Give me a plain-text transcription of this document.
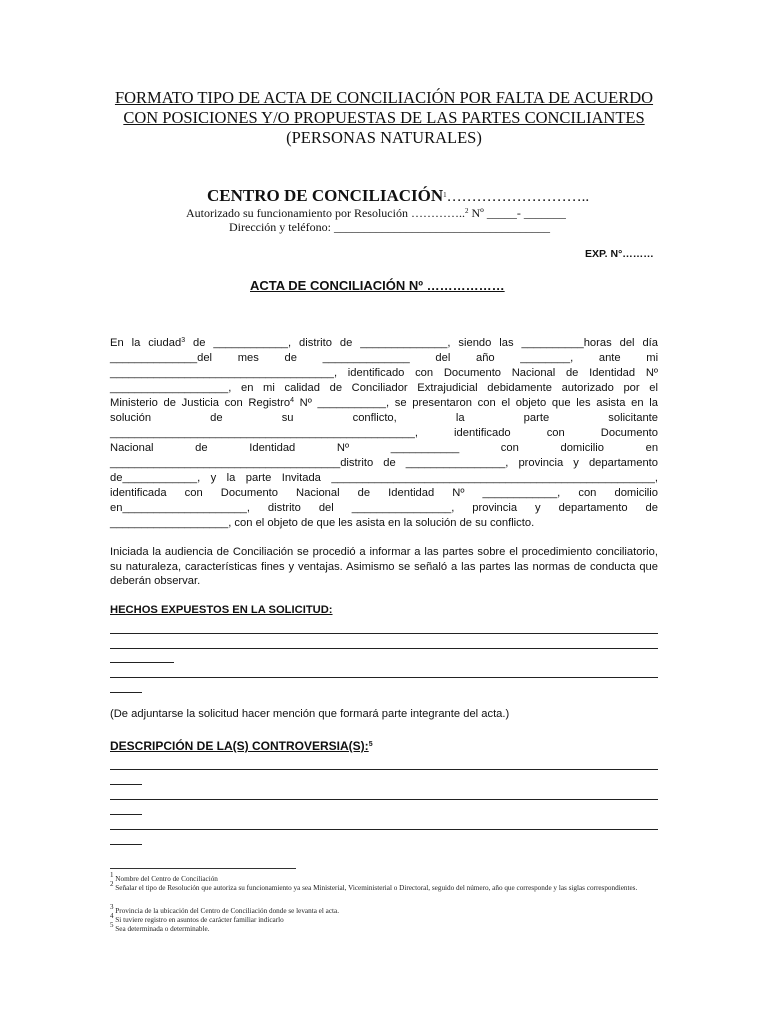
FORMATO TIPO DE ACTA DE CONCILIACIÓN POR FALTA DE ACUERDO
CON POSICIONES Y/O PROPUESTAS DE LAS PARTES CONCILIANTES
(PERSONAS NATURALES)
CENTRO DE CONCILIACIÓN$^1$………………………..
Autorizado su funcionamiento por Resolución …………..$^2$ Nº _____- _______
Dirección y teléfono: ____________________________________
EXP. N°………
ACTA DE CONCILIACIÓN Nº ………………
En la ciudad$^3$ de ____________, distrito de ______________, siendo las __________horas del día
______________del mes de ______________ del año ________, ante mi
____________________________________, identificado con Documento Nacional de Identidad Nº
___________________, en mi calidad de Conciliador Extrajudicial debidamente autorizado por el
Ministerio de Justicia con Registro$^4$ Nº ___________, se presentaron con el objeto que les asista en la
solución	de	su	conflicto,	la	parte	solicitante
_________________________________________________, identificado con Documento
Nacional	de	Identidad	Nº	___________	con	domicilio	en
_____________________________________distrito de ________________, provincia y departamento
de____________, y la parte Invitada ____________________________________________________,
identificada con Documento Nacional de Identidad Nº ____________, con domicilio
en____________________, distrito del ________________, provincia y departamento de
___________________, con el objeto de que les asista en la solución de su conflicto.
Iniciada la audiencia de Conciliación se procedió a informar a las partes sobre el procedimiento conciliatorio, su naturaleza, características fines y ventajas. Asimismo se señaló a las partes las normas de conducta que deberán observar.
HECHOS EXPUESTOS EN LA SOLICITUD:
(De adjuntarse la solicitud hacer mención que formará parte integrante del acta.)
DESCRIPCIÓN DE LA(S) CONTROVERSIA(S):$^5$
$^1$ Nombre del Centro de Conciliación
$^2$ Señalar el tipo de Resolución que autoriza su funcionamiento ya sea Ministerial, Viceministerial o Directoral, seguido del número, año que corresponde y las siglas correspondientes.
$^3$ Provincia de la ubicación del Centro de Conciliación donde se levanta el acta.
$^4$ Si tuviere registro en asuntos de carácter familiar indicarlo
$^5$ Sea determinada o determinable.
